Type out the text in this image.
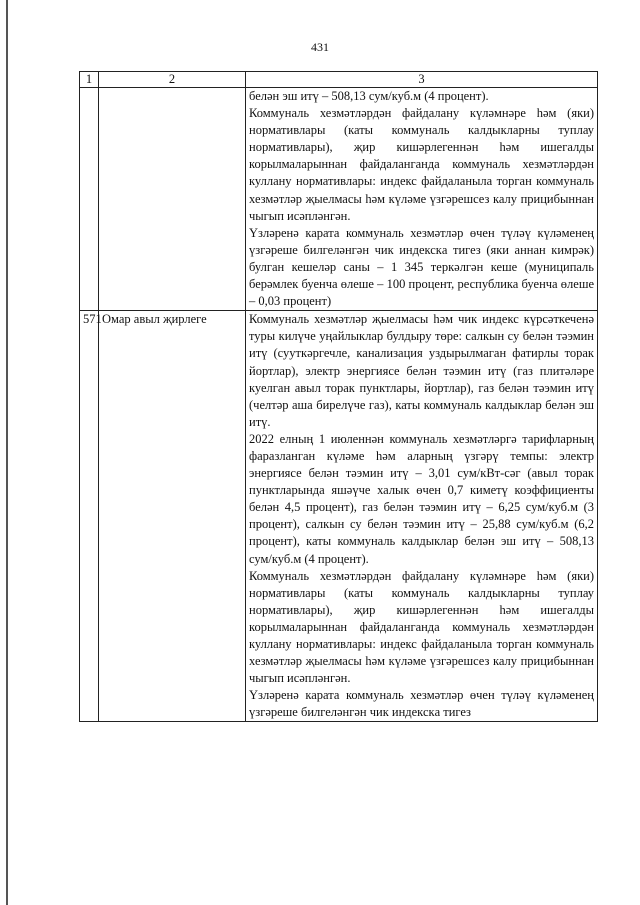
431
1	2	3

		белән эш итү – 508,13 сум/куб.м (4 процент).

Коммуналь хезмәтләрдән файдалану күләмнәре һәм (яки) нормативлары (каты коммуналь калдыкларны туплау нормативлары), җир кишәрлегеннән һәм ишегалды корылмаларыннан файдаланганда коммуналь хезмәтләрдән куллану нормативлары: индекс файдаланыла торган коммуналь хезмәтләр җыелмасы һәм күләме үзгәрешсез калу прицибыннан чыгып исәпләнгән.

Үзләренә карата коммуналь хезмәтләр өчен түләү күләменең үзгәреше билгеләнгән чик индекскa тигез (яки аннан кимрәк) булган кешеләр саны – 1 345 теркәлгән кеше (муниципаль берәмлек буенча өлеше – 100 процент, республика буенча өлеше – 0,03 процент)

571	Омар авыл җирлеге	Коммуналь хезмәтләр җыелмасы һәм чик индекс күрсәткеченә туры килүче уңайлыклар булдыру төре: салкын су белән тәэмин итү (сууткәргечле, канализация уздырылмаган фатирлы торак йортлар), электр энергиясе белән тәэмин итү (газ плитәләре куелган авыл торак пунктлары, йортлар), газ белән тәэмин итү (челтәр аша бирелүче газ), каты коммуналь калдыклар белән эш итү.

2022 елның 1 июленнән коммуналь хезмәтләргә тарифларның фаразланган күләме һәм аларның үзгәрү темпы: электр энергиясе белән тәэмин итү – 3,01 сум/кВт-сәг (авыл торак пунктларында яшәүче халык өчен 0,7 киметү коэффициенты белән 4,5 процент), газ белән тәэмин итү – 6,25 сум/куб.м (3 процент), салкын су белән тәэмин итү – 25,88 сум/куб.м (6,2 процент), каты коммуналь калдыклар белән эш итү – 508,13 сум/куб.м (4 процент).

Коммуналь хезмәтләрдән файдалану күләмнәре һәм (яки) нормативлары (каты коммуналь калдыкларны туплау нормативлары), җир кишәрлегеннән һәм ишегалды корылмаларыннан файдаланганда коммуналь хезмәтләрдән куллану нормативлары: индекс файдаланыла торган коммуналь хезмәтләр җыелмасы һәм күләме үзгәрешсез калу прицибыннан чыгып исәпләнгән.

Үзләренә карата коммуналь хезмәтләр өчен түләү күләменең үзгәреше билгеләнгән чик индекскa тигез
